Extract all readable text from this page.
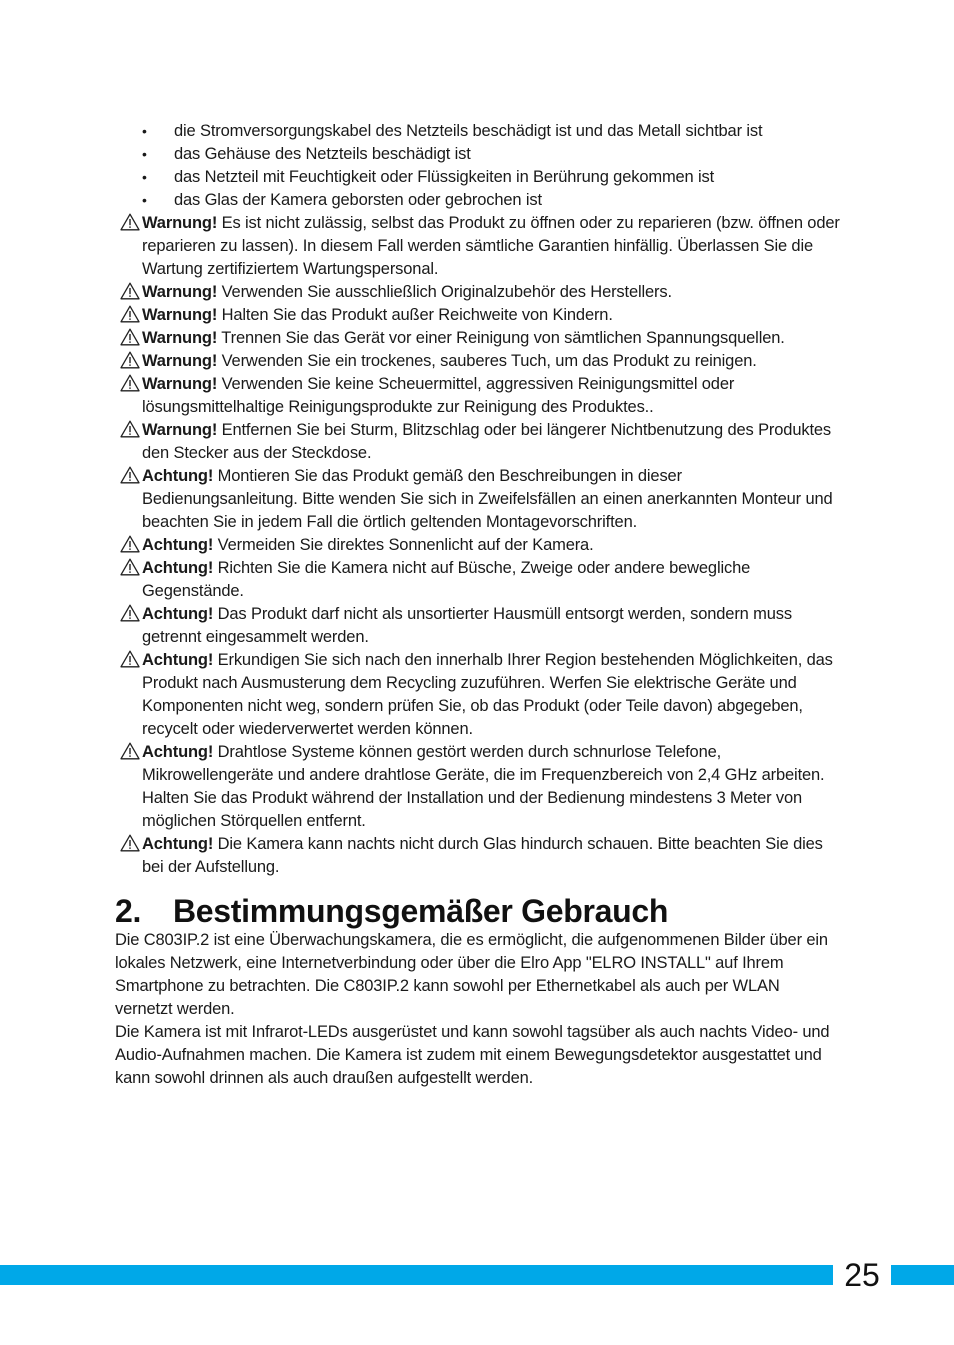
• die Stromversorgungskabel des Netzteils beschädigt ist und das Metall sichtbar ist
• das Gehäuse des Netzteils beschädigt ist
• das Netzteil mit Feuchtigkeit oder Flüssigkeiten in Berührung gekommen ist
• das Glas der Kamera geborsten oder gebrochen ist
Warnung! Es ist nicht zulässig, selbst das Produkt zu öffnen oder zu reparieren (bzw. öffnen oder reparieren zu lassen). In diesem Fall werden sämtliche Garantien hinfällig. Überlassen Sie die Wartung zertifiziertem Wartungspersonal.
Warnung! Verwenden Sie ausschließlich Originalzubehör des Herstellers.
Warnung! Halten Sie das Produkt außer Reichweite von Kindern.
Warnung! Trennen Sie das Gerät vor einer Reinigung von sämtlichen Spannungsquellen.
Warnung! Verwenden Sie ein trockenes, sauberes Tuch, um das Produkt zu reinigen.
Warnung! Verwenden Sie keine Scheuermittel, aggressiven Reinigungsmittel oder lösungsmittelhaltige Reinigungsprodukte zur Reinigung des Produktes..
Warnung! Entfernen Sie bei Sturm, Blitzschlag oder bei längerer Nichtbenutzung des Produktes den Stecker aus der Steckdose.
Achtung! Montieren Sie das Produkt gemäß den Beschreibungen in dieser Bedienungsanleitung. Bitte wenden Sie sich in Zweifelsfällen an einen anerkannten Monteur und beachten Sie in jedem Fall die örtlich geltenden Montagevorschriften.
Achtung! Vermeiden Sie direktes Sonnenlicht auf der Kamera.
Achtung! Richten Sie die Kamera nicht auf Büsche, Zweige oder andere bewegliche Gegenstände.
Achtung! Das Produkt darf nicht als unsortierter Hausmüll entsorgt werden, sondern muss getrennt eingesammelt werden.
Achtung! Erkundigen Sie sich nach den innerhalb Ihrer Region bestehenden Möglichkeiten, das Produkt nach Ausmusterung dem Recycling zuzuführen. Werfen Sie elektrische Geräte und Komponenten nicht weg, sondern prüfen Sie, ob das Produkt (oder Teile davon) abgegeben, recycelt oder wiederverwertet werden können.
Achtung! Drahtlose Systeme können gestört werden durch schnurlose Telefone, Mikrowellengeräte und andere drahtlose Geräte, die im Frequenzbereich von 2,4 GHz arbeiten. Halten Sie das Produkt während der Installation und der Bedienung mindestens 3 Meter von möglichen Störquellen entfernt.
Achtung! Die Kamera kann nachts nicht durch Glas hindurch schauen. Bitte beachten Sie dies bei der Aufstellung.
2. Bestimmungsgemäßer Gebrauch

Die C803IP.2 ist eine Überwachungskamera, die es ermöglicht, die aufgenommenen Bilder über ein lokales Netzwerk, eine Internetverbindung oder über die Elro App "ELRO INSTALL" auf Ihrem Smartphone zu betrachten. Die C803IP.2 kann sowohl per Ethernetkabel als auch per WLAN vernetzt werden.

Die Kamera ist mit Infrarot-LEDs ausgerüstet und kann sowohl tagsüber als auch nachts Video- und Audio-Aufnahmen machen. Die Kamera ist zudem mit einem Bewegungsdetektor ausgestattet und kann sowohl drinnen als auch draußen aufgestellt werden.

25
